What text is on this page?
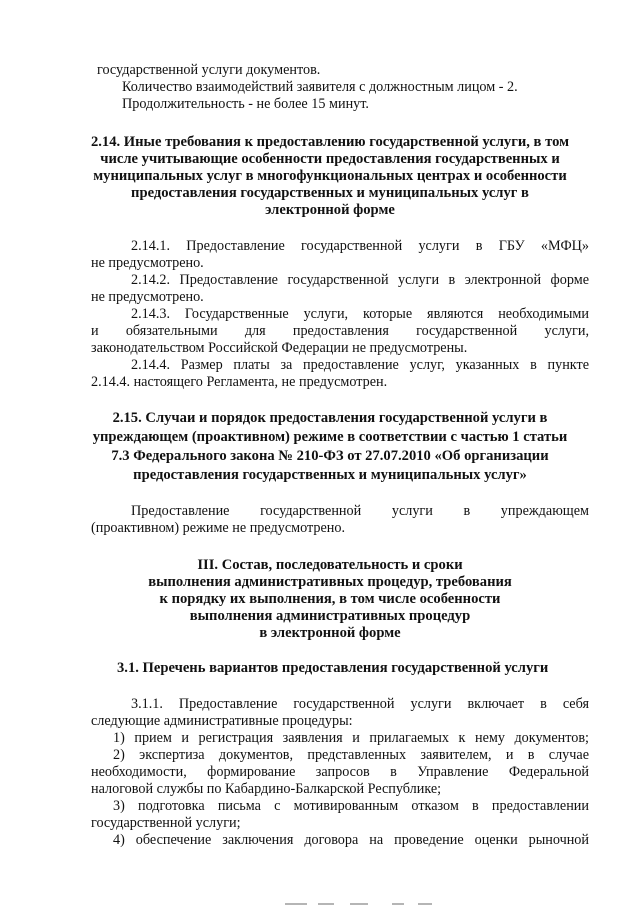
государственной услуги документов.

Количество взаимодействий заявителя с должностным лицом - 2.

Продолжительность - не более 15 минут.

2.14. Иные требования к предоставлению государственной услуги, в том

числе учитывающие особенности предоставления государственных и

муниципальных услуг в многофункциональных центрах и особенности

предоставления государственных и муниципальных услуг в

электронной форме

2.14.1. Предоставление государственной услуги в ГБУ «МФЦ»

не предусмотрено.

2.14.2. Предоставление государственной услуги в электронной форме

не предусмотрено.

2.14.3. Государственные услуги, которые являются необходимыми

и обязательными для предоставления государственной услуги,

законодательством Российской Федерации не предусмотрены.

2.14.4. Размер платы за предоставление услуг, указанных в пункте

2.14.4. настоящего Регламента, не предусмотрен.

2.15. Случаи и порядок предоставления государственной услуги в

упреждающем (проактивном) режиме в соответствии с частью 1 статьи

7.3 Федерального закона № 210-ФЗ от 27.07.2010 «Об организации

предоставления государственных и муниципальных услуг»

Предоставление государственной услуги в упреждающем

(проактивном) режиме не предусмотрено.

III. Состав, последовательность и сроки

выполнения административных процедур, требования

к порядку их выполнения, в том числе особенности

выполнения административных процедур

в электронной форме

3.1. Перечень вариантов предоставления государственной услуги

3.1.1. Предоставление государственной услуги включает в себя

следующие административные процедуры:

1) прием и регистрация заявления и прилагаемых к нему документов;

2) экспертиза документов, представленных заявителем, и в случае

необходимости, формирование запросов в Управление Федеральной

налоговой службы по Кабардино-Балкарской Республике;

3) подготовка письма с мотивированным отказом в предоставлении

государственной услуги;

4) обеспечение заключения договора на проведение оценки рыночной
